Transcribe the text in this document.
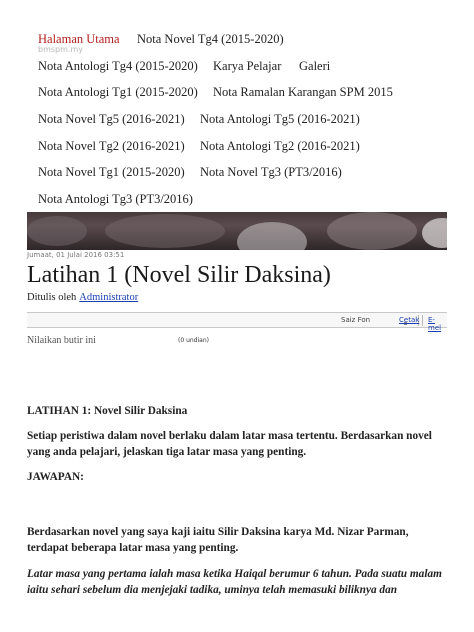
Halaman Utama Nota Novel Tg4 (2015-2020)
bmspm.my
Nota Antologi Tg4 (2015-2020) Karya Pelajar Galeri
Nota Antologi Tg1 (2015-2020) Nota Ramalan Karangan SPM 2015
Nota Novel Tg5 (2016-2021) Nota Antologi Tg5 (2016-2021)
Nota Novel Tg2 (2016-2021) Nota Antologi Tg2 (2016-2021)
Nota Novel Tg1 (2015-2020) Nota Novel Tg3 (PT3/2016)
Nota Antologi Tg3 (PT3/2016)
Jumaat, 01 Julai 2016 03:51
Latihan 1 (Novel Silir Daksina)
Ditulis oleh Administrator
Saiz Fon	Cetak E-mel
Nilaikan butir ini	(0 undian)

LATIHAN 1: Novel Silir Daksina

Setiap peristiwa dalam novel berlaku dalam latar masa tertentu. Berdasarkan novel yang anda pelajari, jelaskan tiga latar masa yang penting.

JAWAPAN:

Berdasarkan novel yang saya kaji iaitu Silir Daksina karya Md. Nizar Parman, terdapat beberapa latar masa yang penting.

Latar masa yang pertama ialah masa ketika Haiqal berumur 6 tahun. Pada suatu malam iaitu sehari sebelum dia menjejaki tadika, uminya telah memasuki biliknya dan
